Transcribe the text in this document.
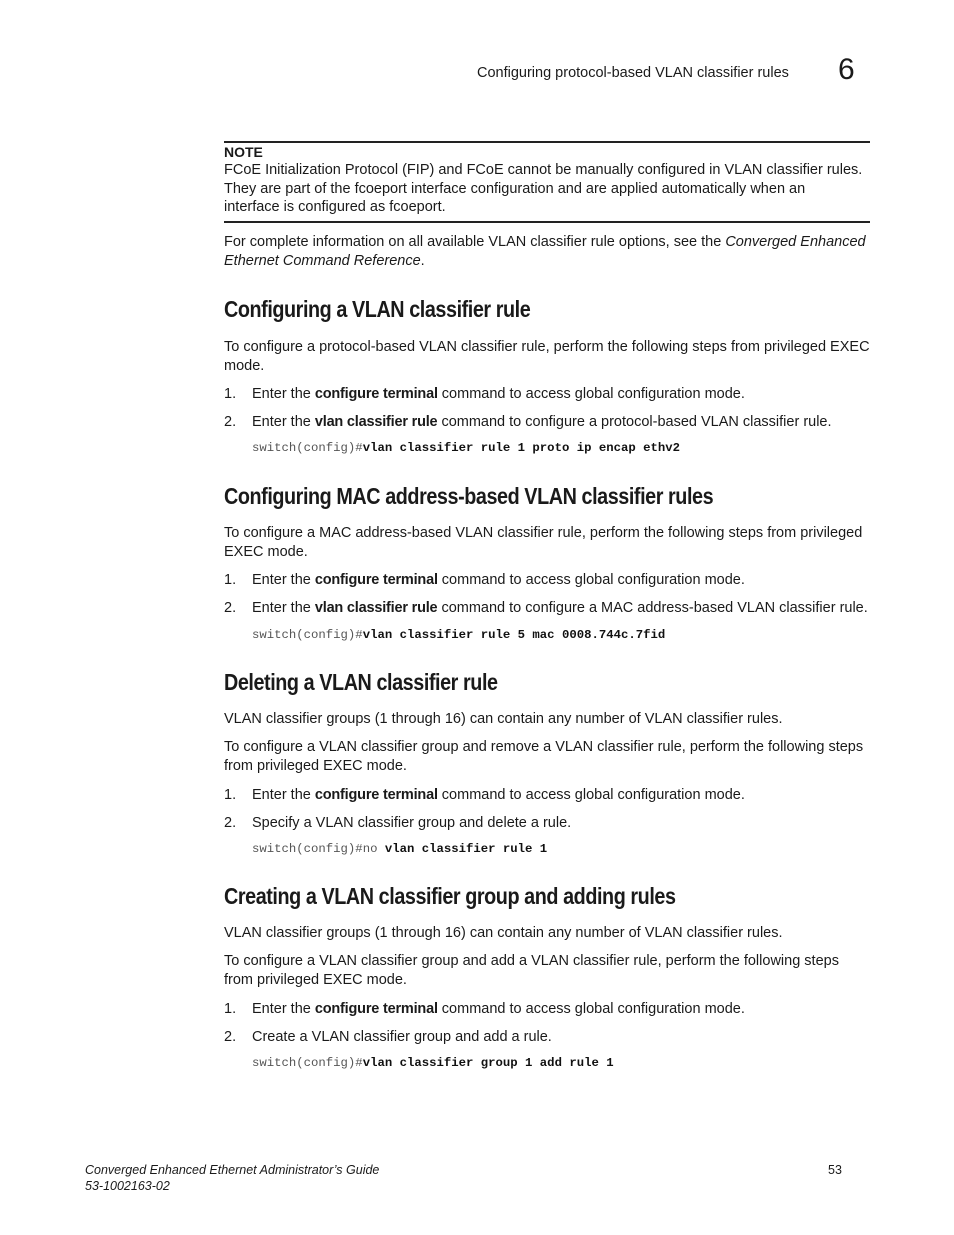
Configuring protocol-based VLAN classifier rules 6
NOTE
FCoE Initialization Protocol (FIP) and FCoE cannot be manually configured in VLAN classifier rules.
They are part of the fcoeport interface configuration and are applied automatically when an
interface is configured as fcoeport.
For complete information on all available VLAN classifier rule options, see the Converged Enhanced
Ethernet Command Reference.
Configuring a VLAN classifier rule
To configure a protocol-based VLAN classifier rule, perform the following steps from privileged EXEC
mode.
1. Enter the configure terminal command to access global configuration mode.
2. Enter the vlan classifier rule command to configure a protocol-based VLAN classifier rule.
switch(config)#vlan classifier rule 1 proto ip encap ethv2
Configuring MAC address-based VLAN classifier rules
To configure a MAC address-based VLAN classifier rule, perform the following steps from privileged
EXEC mode.
1. Enter the configure terminal command to access global configuration mode.
2. Enter the vlan classifier rule command to configure a MAC address-based VLAN classifier rule.
switch(config)#vlan classifier rule 5 mac 0008.744c.7fid
Deleting a VLAN classifier rule
VLAN classifier groups (1 through 16) can contain any number of VLAN classifier rules.
To configure a VLAN classifier group and remove a VLAN classifier rule, perform the following steps
from privileged EXEC mode.
1. Enter the configure terminal command to access global configuration mode.
2. Specify a VLAN classifier group and delete a rule.
switch(config)#no vlan classifier rule 1
Creating a VLAN classifier group and adding rules
VLAN classifier groups (1 through 16) can contain any number of VLAN classifier rules.
To configure a VLAN classifier group and add a VLAN classifier rule, perform the following steps
from privileged EXEC mode.
1. Enter the configure terminal command to access global configuration mode.
2. Create a VLAN classifier group and add a rule.
switch(config)#vlan classifier group 1 add rule 1
Converged Enhanced Ethernet Administrator’s Guide
53-1002163-02
53
